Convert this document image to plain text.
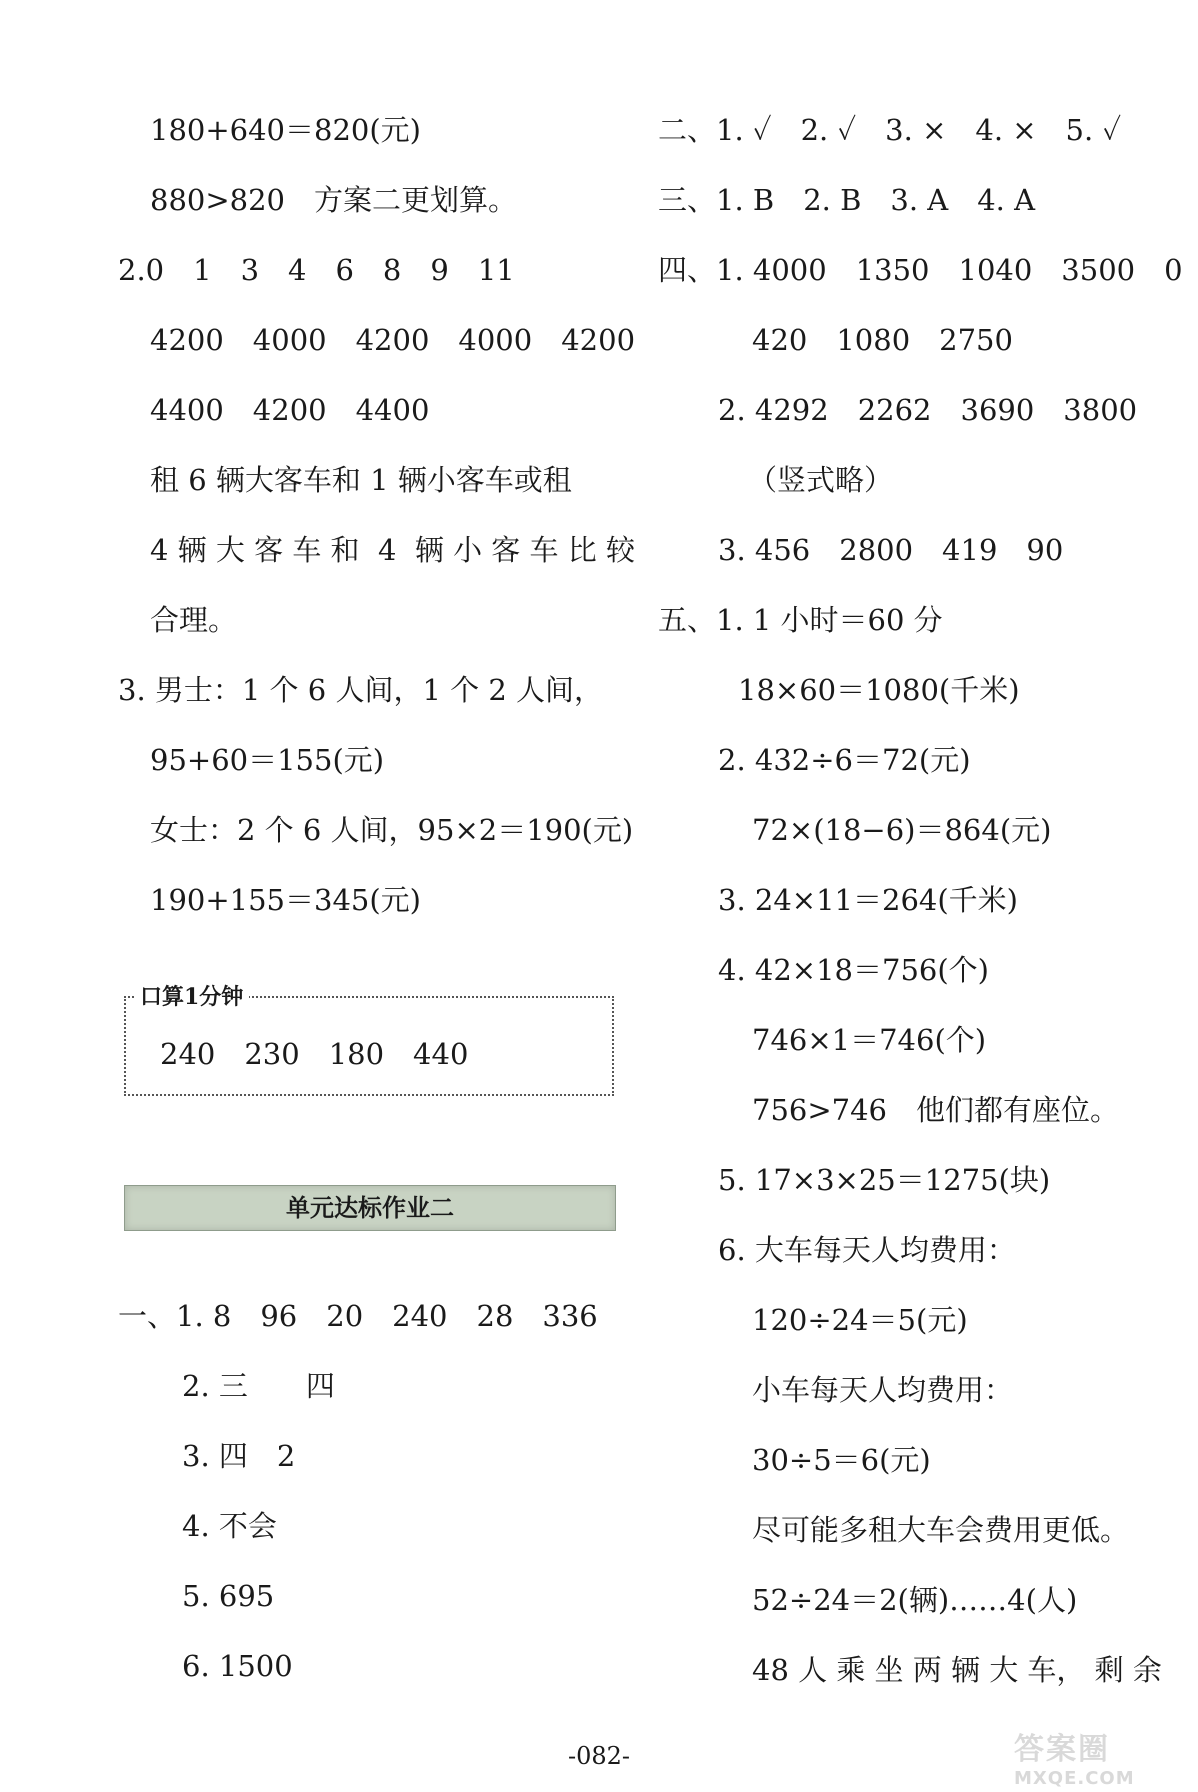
180+640＝820(元)
880>820　方案二更划算。
2.0　1　3　4　6　8　9　11
4200　4000　4200　4000　4200
4400　4200　4400
租 6 辆大客车和 1 辆小客车或租
4 辆 大 客 车 和  4  辆 小 客 车 比 较
合理。
3. 男士：1 个 6 人间，1 个 2 人间，
95+60＝155(元)
女士：2 个 6 人间，95×2＝190(元)
190+155＝345(元)
口算1分钟
240　230　180　440
单元达标作业二
一、1. 8　96　20　240　28　336
2. 三　　四
3. 四　2
4. 不会
5. 695
6. 1500
二、1. ✓　2. ✓　3. ×　4. ×　5. ✓
三、1. B　2. B　3. A　4. A
四、1. 4000　1350　1040　3500　0
420　1080　2750
2. 4292　2262　3690　3800
（竖式略）
3. 456　2800　419　90
五、1. 1 小时＝60 分
18×60＝1080(千米)
2. 432÷6＝72(元)
72×(18−6)＝864(元)
3. 24×11＝264(千米)
4. 42×18＝756(个)
746×1＝746(个)
756>746　他们都有座位。
5. 17×3×25＝1275(块)
6. 大车每天人均费用：
120÷24＝5(元)
小车每天人均费用：
30÷5＝6(元)
尽可能多租大车会费用更低。
52÷24＝2(辆)……4(人)
48 人 乘 坐 两 辆 大 车， 剩 余
-082-	答案圈
MXQE.COM
